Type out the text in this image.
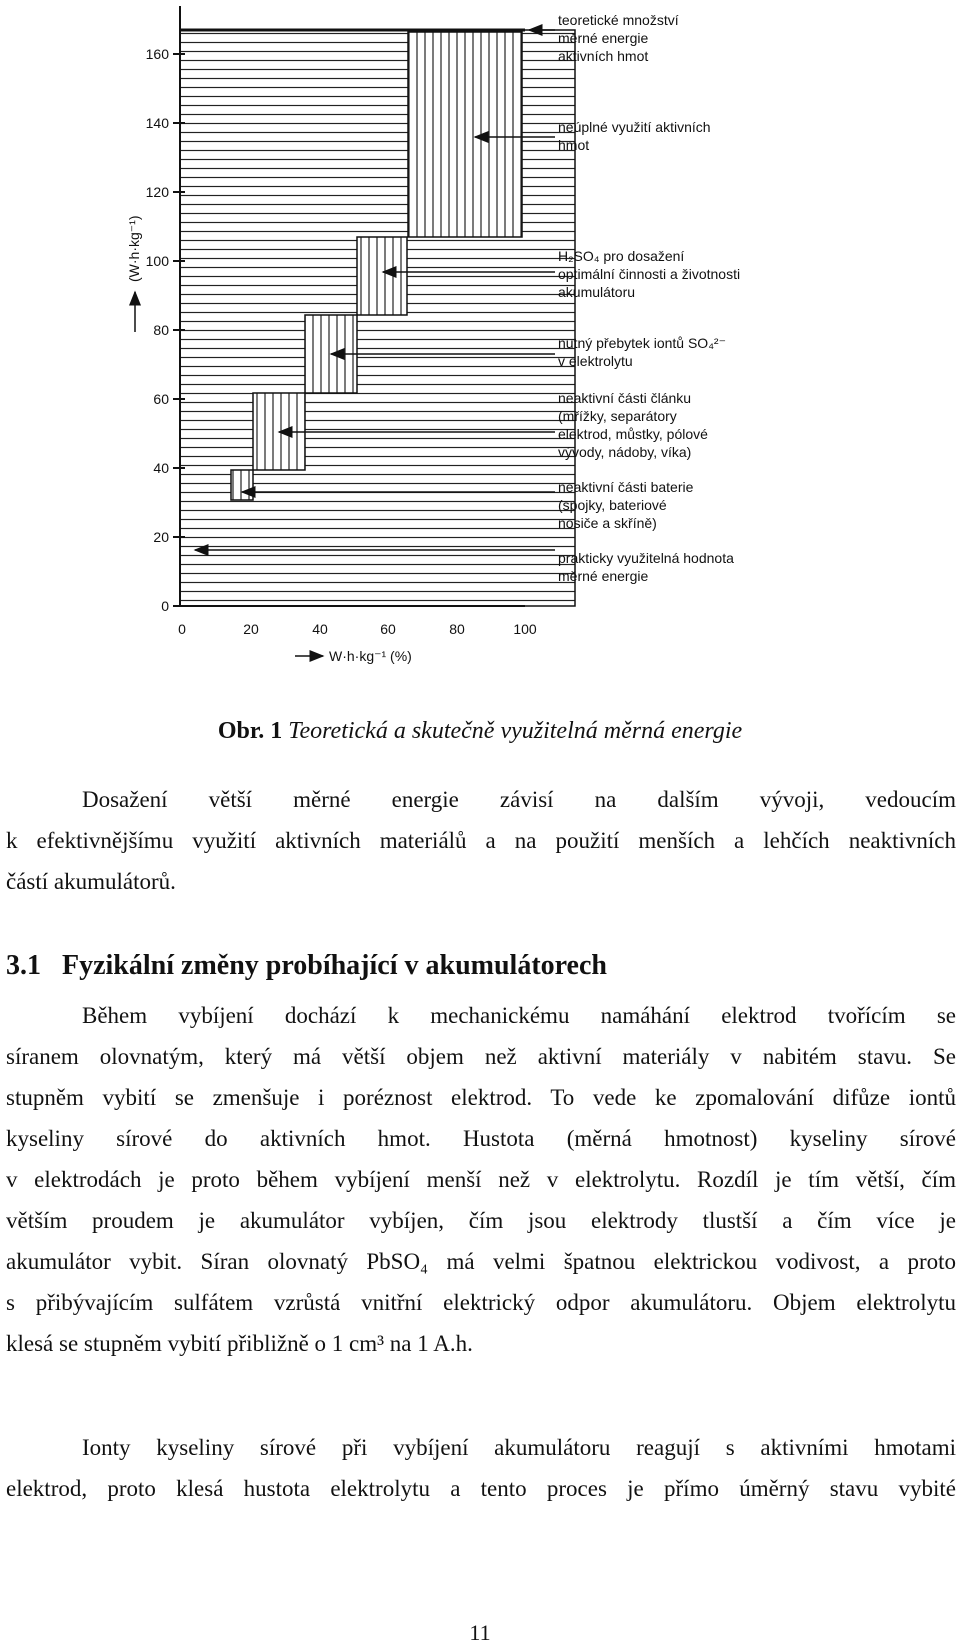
0
20
40
60
80
100
120
140
160
0	20	40	60	80	100
W·h·kg⁻¹ (%)
(W·h·kg⁻¹)
teoretické množství
měrné energie
aktivních hmot
neúplné využití aktivních
hmot
H₂SO₄ pro dosažení
optimální činnosti a životnosti
akumulátoru
nutný přebytek iontů SO₄²⁻
v elektrolytu
neaktivní části článku
(mřížky, separátory
elektrod, můstky, pólové
vývody, nádoby, víka)
neaktivní části baterie
(spojky, bateriové
nosiče a skříně)
prakticky využitelná hodnota
měrné energie
Obr. 1 Teoretická a skutečně využitelná měrná energie
Dosažení větší měrné energie závisí na dalším vývoji, vedoucím
k efektivnějšímu využití aktivních materiálů a na použití menších a lehčích neaktivních
částí akumulátorů.
3.1 Fyzikální změny probíhající v akumulátorech
Během vybíjení dochází k mechanickému namáhání elektrod tvořícím se
síranem olovnatým, který má větší objem než aktivní materiály v nabitém stavu. Se
stupněm vybití se zmenšuje i poréznost elektrod. To vede ke zpomalování difůze iontů
kyseliny sírové do aktivních hmot. Hustota (měrná hmotnost) kyseliny sírové
v elektrodách je proto během vybíjení menší než v elektrolytu. Rozdíl je tím větší, čím
větším proudem je akumulátor vybíjen, čím jsou elektrody tlustší a čím více je
akumulátor vybit. Síran olovnatý PbSO₄ má velmi špatnou elektrickou vodivost, a proto
s přibývajícím sulfátem vzrůstá vnitřní elektrický odpor akumulátoru. Objem elektrolytu
klesá se stupněm vybití přibližně o 1 cm³ na 1 A.h.
Ionty kyseliny sírové při vybíjení akumulátoru reagují s aktivními hmotami
elektrod, proto klesá hustota elektrolytu a tento proces je přímo úměrný stavu vybité
11
